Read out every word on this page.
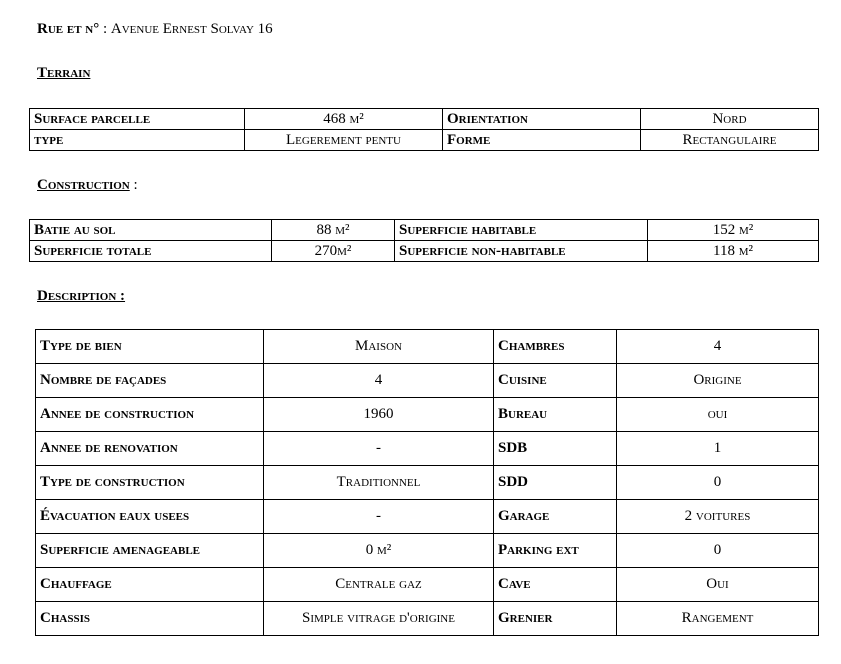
Rue et n° : Avenue Ernest Solvay 16
Terrain
Surface parcelle	468 m²	Orientation	Nord
type	Legerement pentu	Forme	Rectangulaire
Construction :
Batie au sol	88 m²	Superficie habitable	152 m²
Superficie totale	270m²	Superficie non-habitable	118 m²
Description :
Type de bien	Maison	Chambres	4
Nombre de façades	4	Cuisine	Origine
Annee de construction	1960	Bureau	oui
Annee de renovation	-	SDB	1
Type de construction	Traditionnel	SDD	0
Évacuation eaux usees	-	Garage	2 voitures
Superficie amenageable	0 m²	Parking ext	0
Chauffage	Centrale gaz	Cave	Oui
Chassis	Simple vitrage d'origine	Grenier	Rangement
